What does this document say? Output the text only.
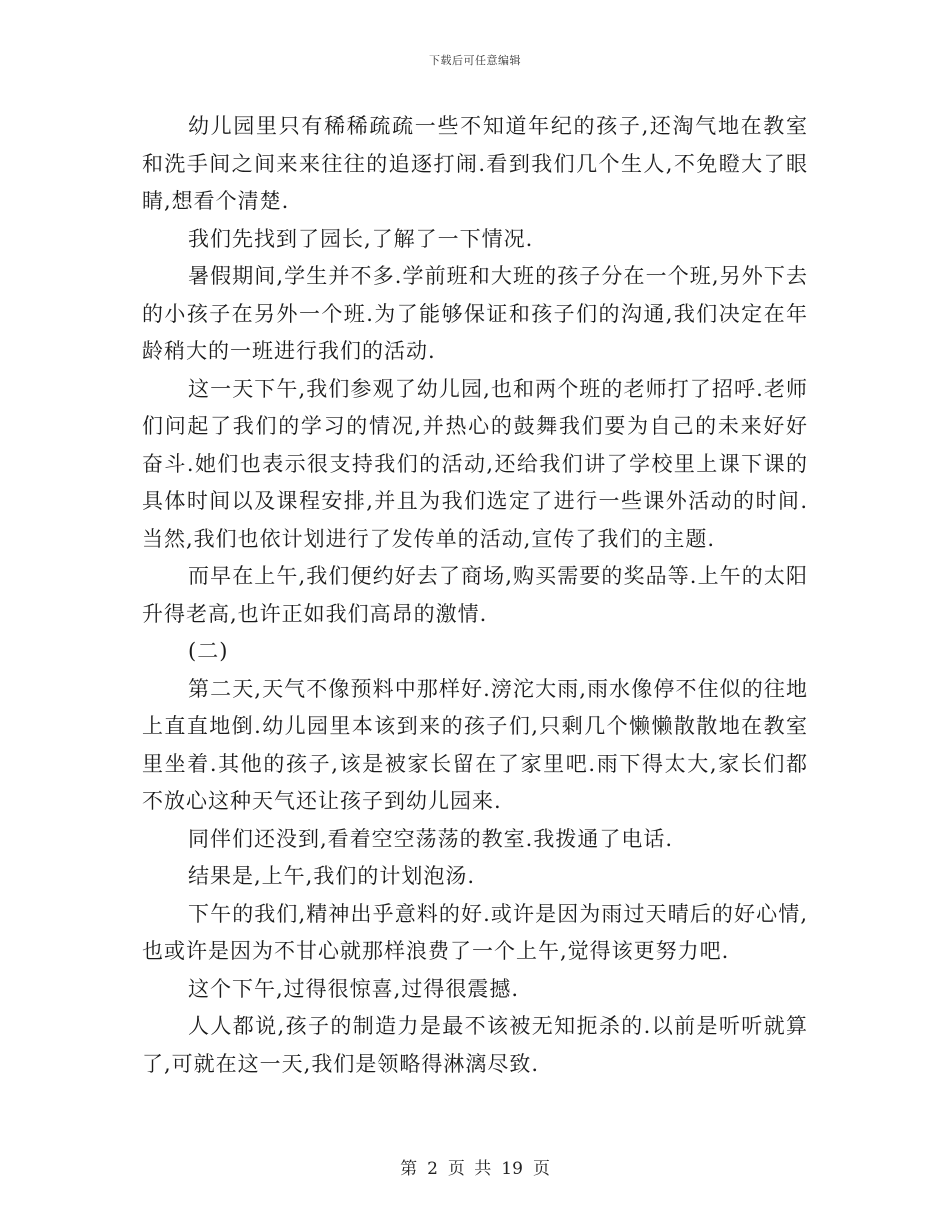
下载后可任意编辑

幼儿园里只有稀稀疏疏一些不知道年纪的孩子,还淘气地在教室和洗手间之间来来往往的追逐打闹.看到我们几个生人,不免瞪大了眼睛,想看个清楚.

我们先找到了园长,了解了一下情况.

暑假期间,学生并不多.学前班和大班的孩子分在一个班,另外下去的小孩子在另外一个班.为了能够保证和孩子们的沟通,我们决定在年龄稍大的一班进行我们的活动.

这一天下午,我们参观了幼儿园,也和两个班的老师打了招呼.老师们问起了我们的学习的情况,并热心的鼓舞我们要为自己的未来好好奋斗.她们也表示很支持我们的活动,还给我们讲了学校里上课下课的具体时间以及课程安排,并且为我们选定了进行一些课外活动的时间.当然,我们也依计划进行了发传单的活动,宣传了我们的主题.

而早在上午,我们便约好去了商场,购买需要的奖品等.上午的太阳升得老高,也许正如我们高昂的激情.

(二)

第二天,天气不像预料中那样好.滂沱大雨,雨水像停不住似的往地上直直地倒.幼儿园里本该到来的孩子们,只剩几个懒懒散散地在教室里坐着.其他的孩子,该是被家长留在了家里吧.雨下得太大,家长们都不放心这种天气还让孩子到幼儿园来.

同伴们还没到,看着空空荡荡的教室.我拨通了电话.

结果是,上午,我们的计划泡汤.

下午的我们,精神出乎意料的好.或许是因为雨过天晴后的好心情,也或许是因为不甘心就那样浪费了一个上午,觉得该更努力吧.

这个下午,过得很惊喜,过得很震撼.

人人都说,孩子的制造力是最不该被无知扼杀的.以前是听听就算了,可就在这一天,我们是领略得淋漓尽致.

第 2 页 共 19 页
